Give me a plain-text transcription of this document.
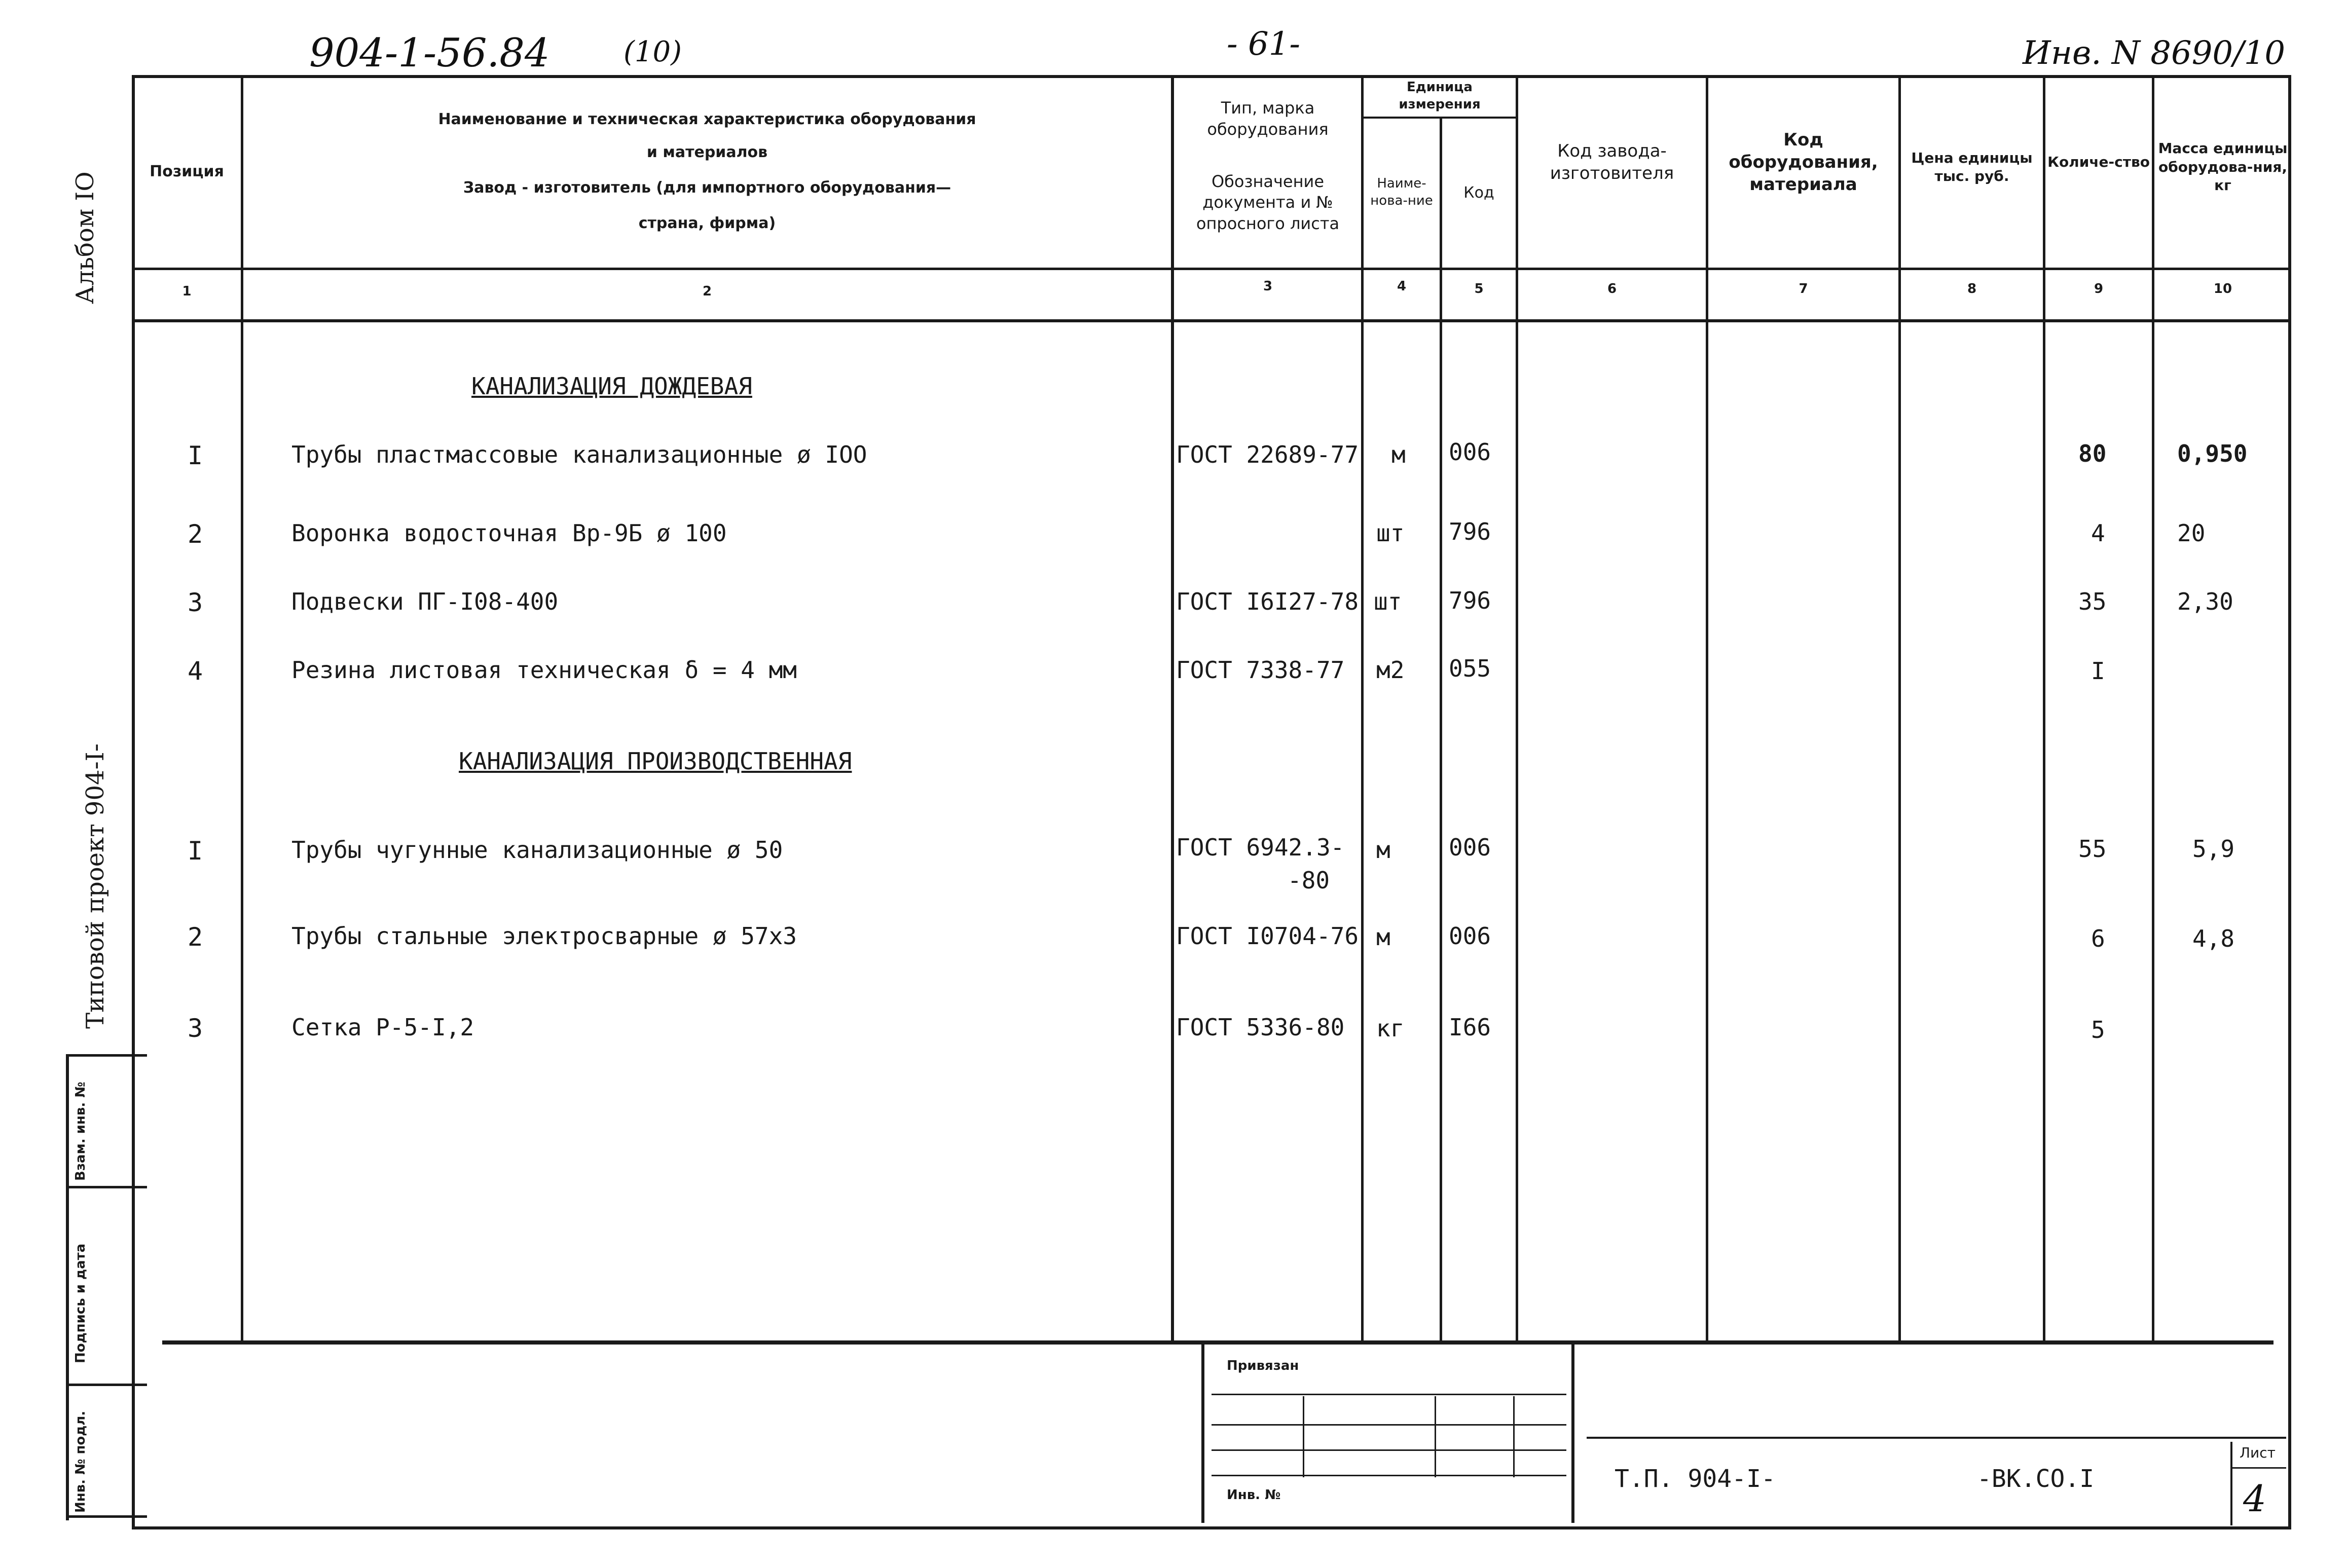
904-1-56.84	(10)	- 61-	Инв. N 8690/10
Альбом IO
Типовой проект 904-I-
Взам. инв. №
Подпись и дата
Инв. № подл.
Позиция
Наименование и техническая характеристика оборудования
и материалов
Завод - изготовитель (для импортного оборудования—
страна, фирма)
Тип, марка оборудования
Обозначение документа и № опросного листа
Единица измерения
Наиме-нова-ние	Код
Код завода-изготовителя
Код оборудования, материала
Цена единицы тыс. руб.
Количе-ство
Масса единицы оборудова-ния, кг
1	2	3	4	5	6	7	8	9	10
КАНАЛИЗАЦИЯ ДОЖДЕВАЯ
I	Трубы пластмассовые канализационные ø IOO	ГОСТ 22689-77 м 006	80	0,950
2	Воронка водосточная Вр-9Б ø 100	шт 796	4	20
3	Подвески ПГ-I08-400	ГОСТ I6I27-78 шт 796	35	2,30
4	Резина листовая техническая δ = 4 мм	ГОСТ 7338-77 м2 055	I
КАНАЛИЗАЦИЯ ПРОИЗВОДСТВЕННАЯ
I	Трубы чугунные канализационные ø 50	ГОСТ 6942.3-
-80
м	006	55	5,9
2	Трубы стальные электросварные ø 57x3	ГОСТ I0704-76 м	006	6	4,8
3	Сетка Р-5-I,2	ГОСТ 5336-80 кг I66	5
Привязан
Инв. №
Т.П. 904-I-	-ВК.СО.I
Лист
4
